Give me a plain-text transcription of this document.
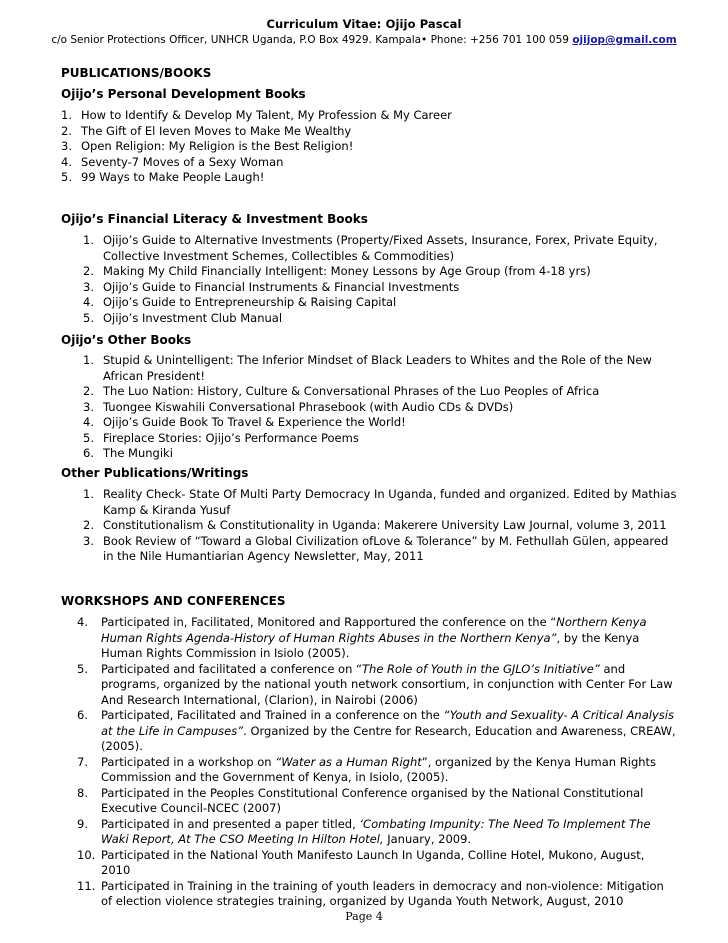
Curriculum Vitae: Ojijo Pascal
c/o Senior Protections Officer, UNHCR Uganda, P.O Box 4929. Kampala• Phone: +256 701 100 059 ojijop@gmail.com
PUBLICATIONS/BOOKS
Ojijo’s Personal Development Books
1. How to Identify & Develop My Talent, My Profession & My Career
2. The Gift of El Ieven Moves to Make Me Wealthy
3. Open Religion: My Religion is the Best Religion!
4. Seventy-7 Moves of a Sexy Woman
5. 99 Ways to Make People Laugh!
Ojijo’s Financial Literacy & Investment Books
1. Ojijo’s Guide to Alternative Investments (Property/Fixed Assets, Insurance, Forex, Private Equity, Collective Investment Schemes, Collectibles & Commodities)
2. Making My Child Financially Intelligent: Money Lessons by Age Group (from 4-18 yrs)
3. Ojijo’s Guide to Financial Instruments & Financial Investments
4. Ojijo’s Guide to Entrepreneurship & Raising Capital
5. Ojijo’s Investment Club Manual
Ojijo’s Other Books
1. Stupid & Unintelligent: The Inferior Mindset of Black Leaders to Whites and the Role of the New African President!
2. The Luo Nation: History, Culture & Conversational Phrases of the Luo Peoples of Africa
3. Tuongee Kiswahili Conversational Phrasebook (with Audio CDs & DVDs)
4. Ojijo’s Guide Book To Travel & Experience the World!
5. Fireplace Stories: Ojijo’s Performance Poems
6. The Mungiki
Other Publications/Writings
1. Reality Check- State Of Multi Party Democracy In Uganda, funded and organized. Edited by Mathias Kamp & Kiranda Yusuf
2. Constitutionalism & Constitutionality in Uganda: Makerere University Law Journal, volume 3, 2011
3. Book Review of “Toward a Global Civilization ofLove & Tolerance” by M. Fethullah Gülen, appeared in the Nile Humantiarian Agency Newsletter, May, 2011
WORKSHOPS AND CONFERENCES
4.	Participated in, Facilitated, Monitored and Rapportured the conference on the “Northern Kenya Human Rights Agenda-History of Human Rights Abuses in the Northern Kenya”, by the Kenya Human Rights Commission in Isiolo (2005).
5.	Participated and facilitated a conference on “The Role of Youth in the GJLO’s Initiative” and programs, organized by the national youth network consortium, in conjunction with Center For Law And Research International, (Clarion), in Nairobi (2006)
6.	Participated, Facilitated and Trained in a conference on the “Youth and Sexuality- A Critical Analysis at the Life in Campuses”. Organized by the Centre for Research, Education and Awareness, CREAW, (2005).
7.	Participated in a workshop on “Water as a Human Right”, organized by the Kenya Human Rights Commission and the Government of Kenya, in Isiolo, (2005).
8.	Participated in the Peoples Constitutional Conference organised by the National Constitutional Executive Council-NCEC (2007)
9.	Participated in and presented a paper titled, ‘Combating Impunity: The Need To Implement The Waki Report, At The CSO Meeting In Hilton Hotel, January, 2009.
10. Participated in the National Youth Manifesto Launch In Uganda, Colline Hotel, Mukono, August, 2010
11. Participated in Training in the training of youth leaders in democracy and non-violence: Mitigation of election violence strategies training, organized by Uganda Youth Network, August, 2010
Page 4
